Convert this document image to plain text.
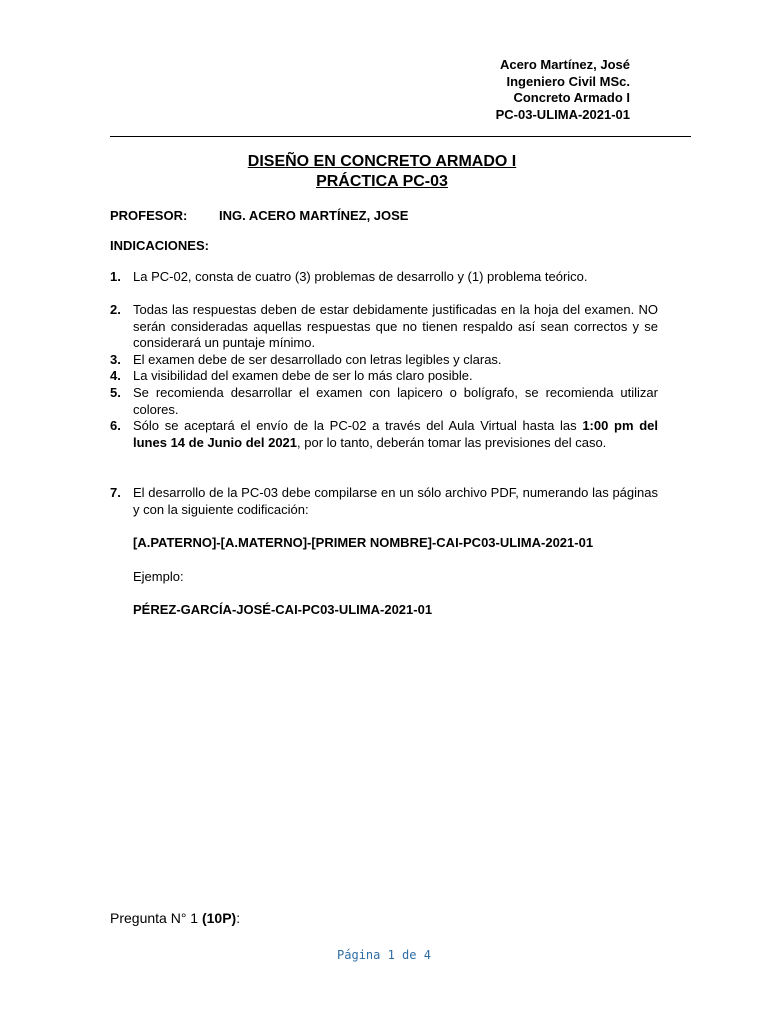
Acero Martínez, José
Ingeniero Civil MSc.
Concreto Armado I
PC-03-ULIMA-2021-01
DISEÑO EN CONCRETO ARMADO I
PRÁCTICA PC-03
PROFESOR: ING. ACERO MARTÍNEZ, JOSE
INDICACIONES:
1. La PC-02, consta de cuatro (3) problemas de desarrollo y (1) problema teórico.
2. Todas las respuestas deben de estar debidamente justificadas en la hoja del examen. NO serán consideradas aquellas respuestas que no tienen respaldo así sean correctos y se considerará un puntaje mínimo.
3. El examen debe de ser desarrollado con letras legibles y claras.
4. La visibilidad del examen debe de ser lo más claro posible.
5. Se recomienda desarrollar el examen con lapicero o bolígrafo, se recomienda utilizar colores.
6. Sólo se aceptará el envío de la PC-02 a través del Aula Virtual hasta las 1:00 pm del lunes 14 de Junio del 2021, por lo tanto, deberán tomar las previsiones del caso.
7. El desarrollo de la PC-03 debe compilarse en un sólo archivo PDF, numerando las páginas y con la siguiente codificación:
[A.PATERNO]-[A.MATERNO]-[PRIMER NOMBRE]-CAI-PC03-ULIMA-2021-01
Ejemplo:
PÉREZ-GARCÍA-JOSÉ-CAI-PC03-ULIMA-2021-01
Pregunta N° 1 (10P):
Página 1 de 4
